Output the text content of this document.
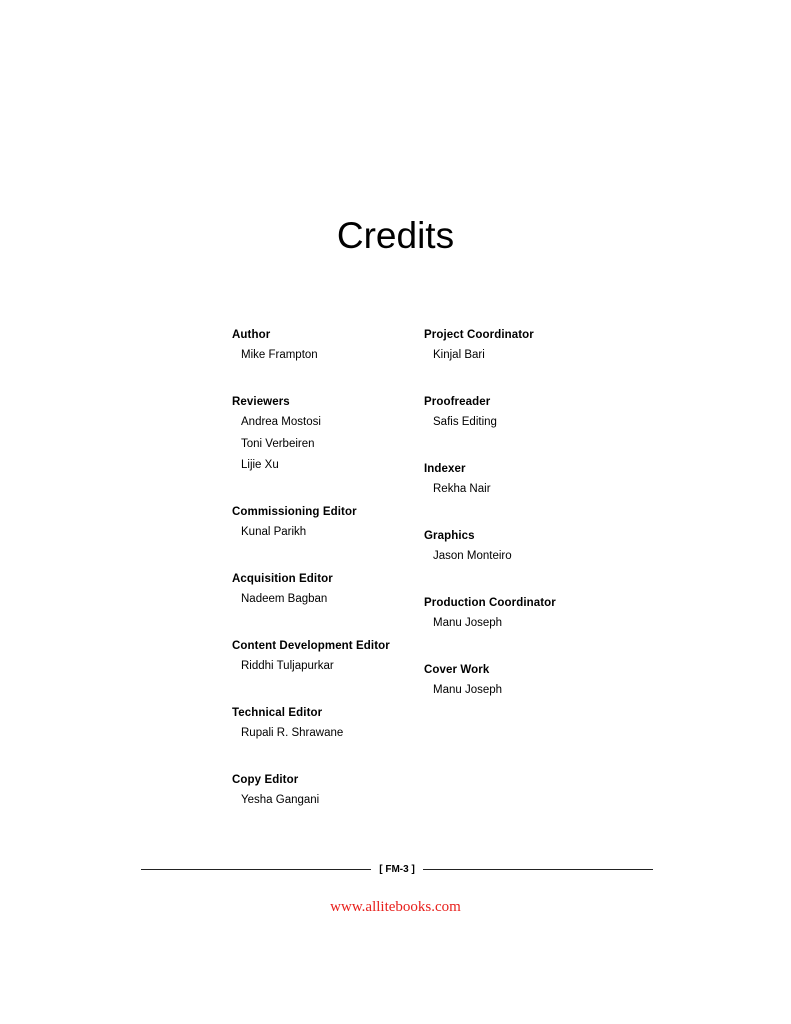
Credits
Author
Mike Frampton
Reviewers
Andrea Mostosi
Toni Verbeiren
Lijie Xu
Commissioning Editor
Kunal Parikh
Acquisition Editor
Nadeem Bagban
Content Development Editor
Riddhi Tuljapurkar
Technical Editor
Rupali R. Shrawane
Copy Editor
Yesha Gangani
Project Coordinator
Kinjal Bari
Proofreader
Safis Editing
Indexer
Rekha Nair
Graphics
Jason Monteiro
Production Coordinator
Manu Joseph
Cover Work
Manu Joseph
[ FM-3 ]
www.allitebooks.com
